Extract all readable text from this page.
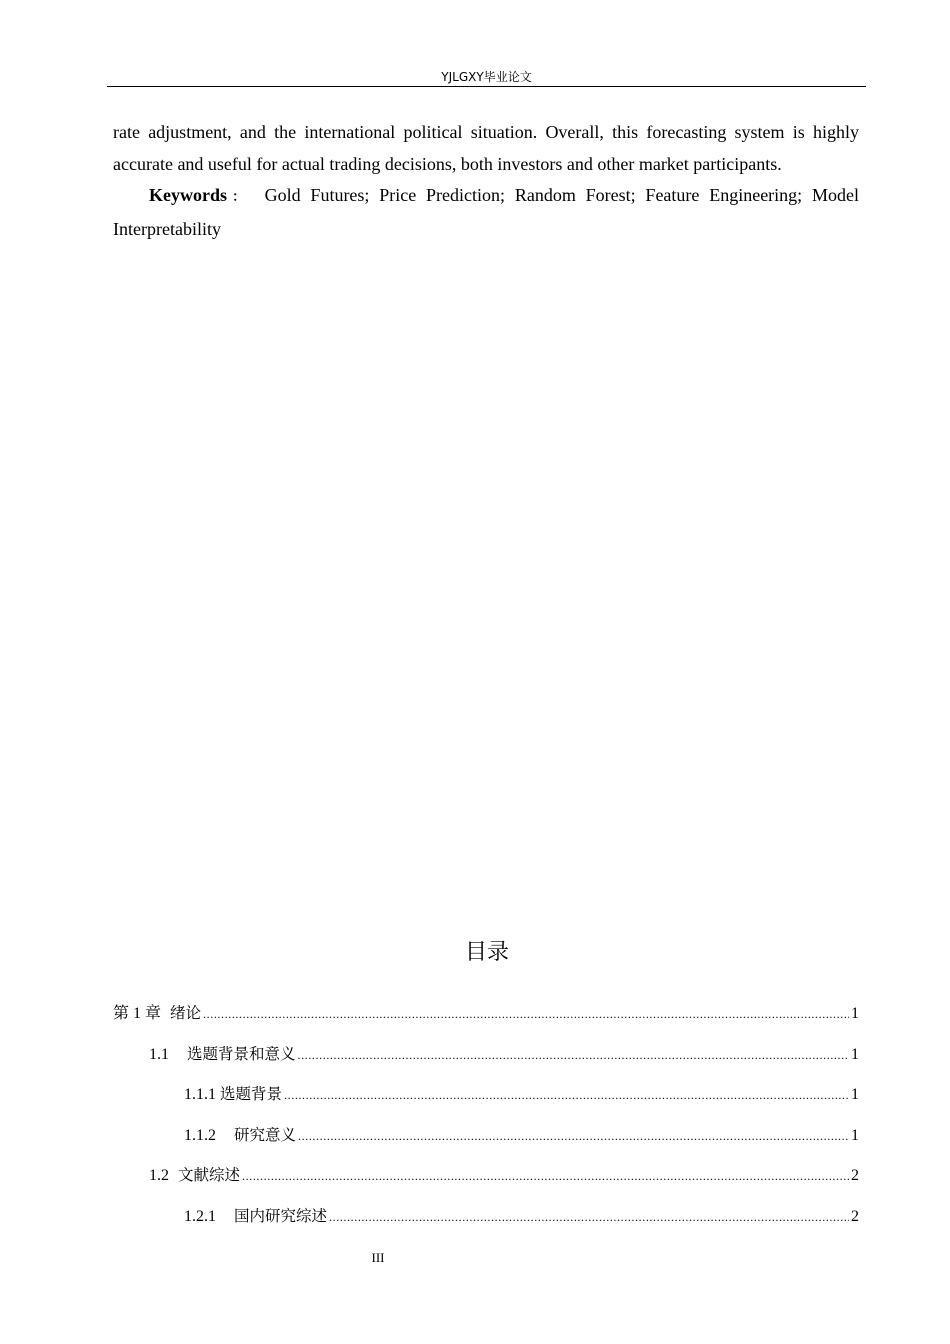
YJLGXY毕业论文

rate adjustment, and the international political situation. Overall, this forecasting system is highly accurate and useful for actual trading decisions, both investors and other market participants.

Keywords： Gold Futures; Price Prediction; Random Forest; Feature Engineering; Model Interpretability

目录
第 1 章 绪论 .....	1
1.1 选题背景和意义 .....	1
1.1.1 选题背景 .....	1
1.1.2 研究意义 .....	1
1.2 文献综述 .....	2
1.2.1 国内研究综述 .....	2
III
